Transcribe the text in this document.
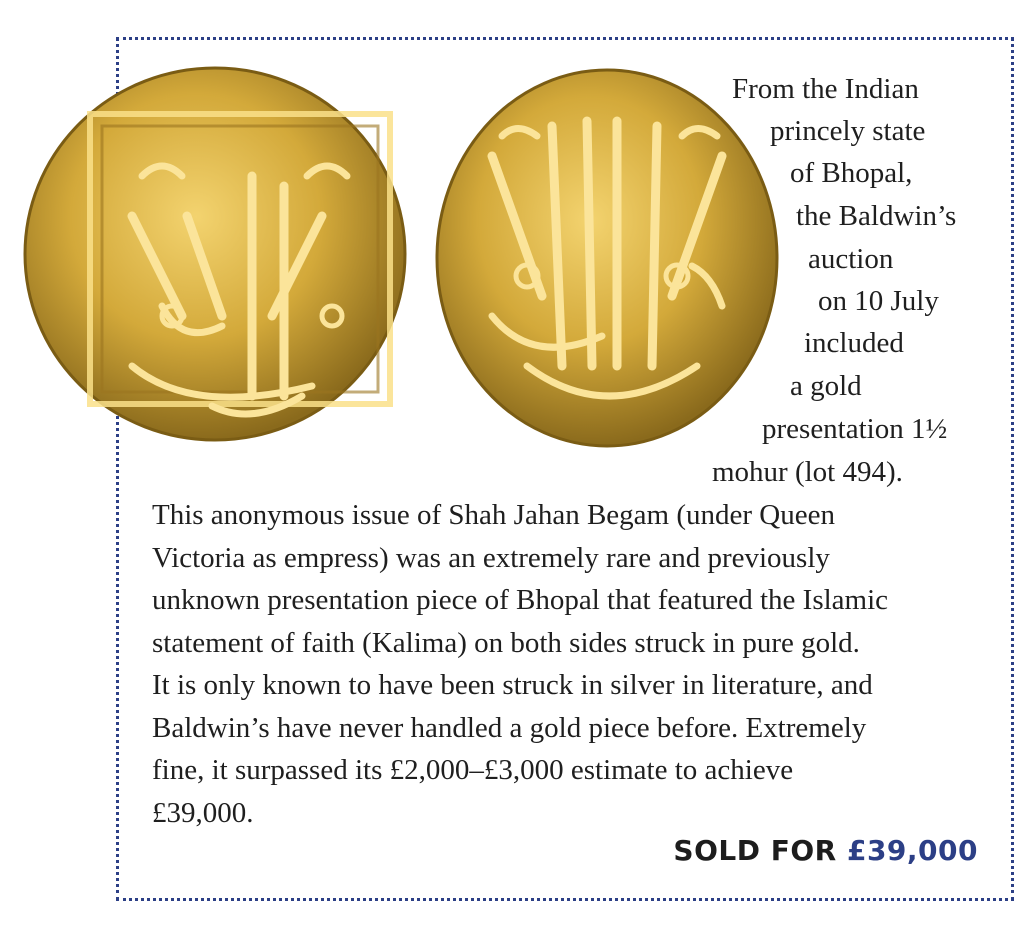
From the Indian
princely state
of Bhopal,
the Baldwin’s
auction
on 10 July
included
a gold
presentation 1½
mohur (lot 494).
This anonymous issue of Shah Jahan Begam (under Queen
Victoria as empress) was an extremely rare and previously
unknown presentation piece of Bhopal that featured the Islamic
statement of faith (Kalima) on both sides struck in pure gold.
It is only known to have been struck in silver in literature, and
Baldwin’s have never handled a gold piece before. Extremely
fine, it surpassed its £2,000–£3,000 estimate to achieve
£39,000.
SOLD FOR £39,000
